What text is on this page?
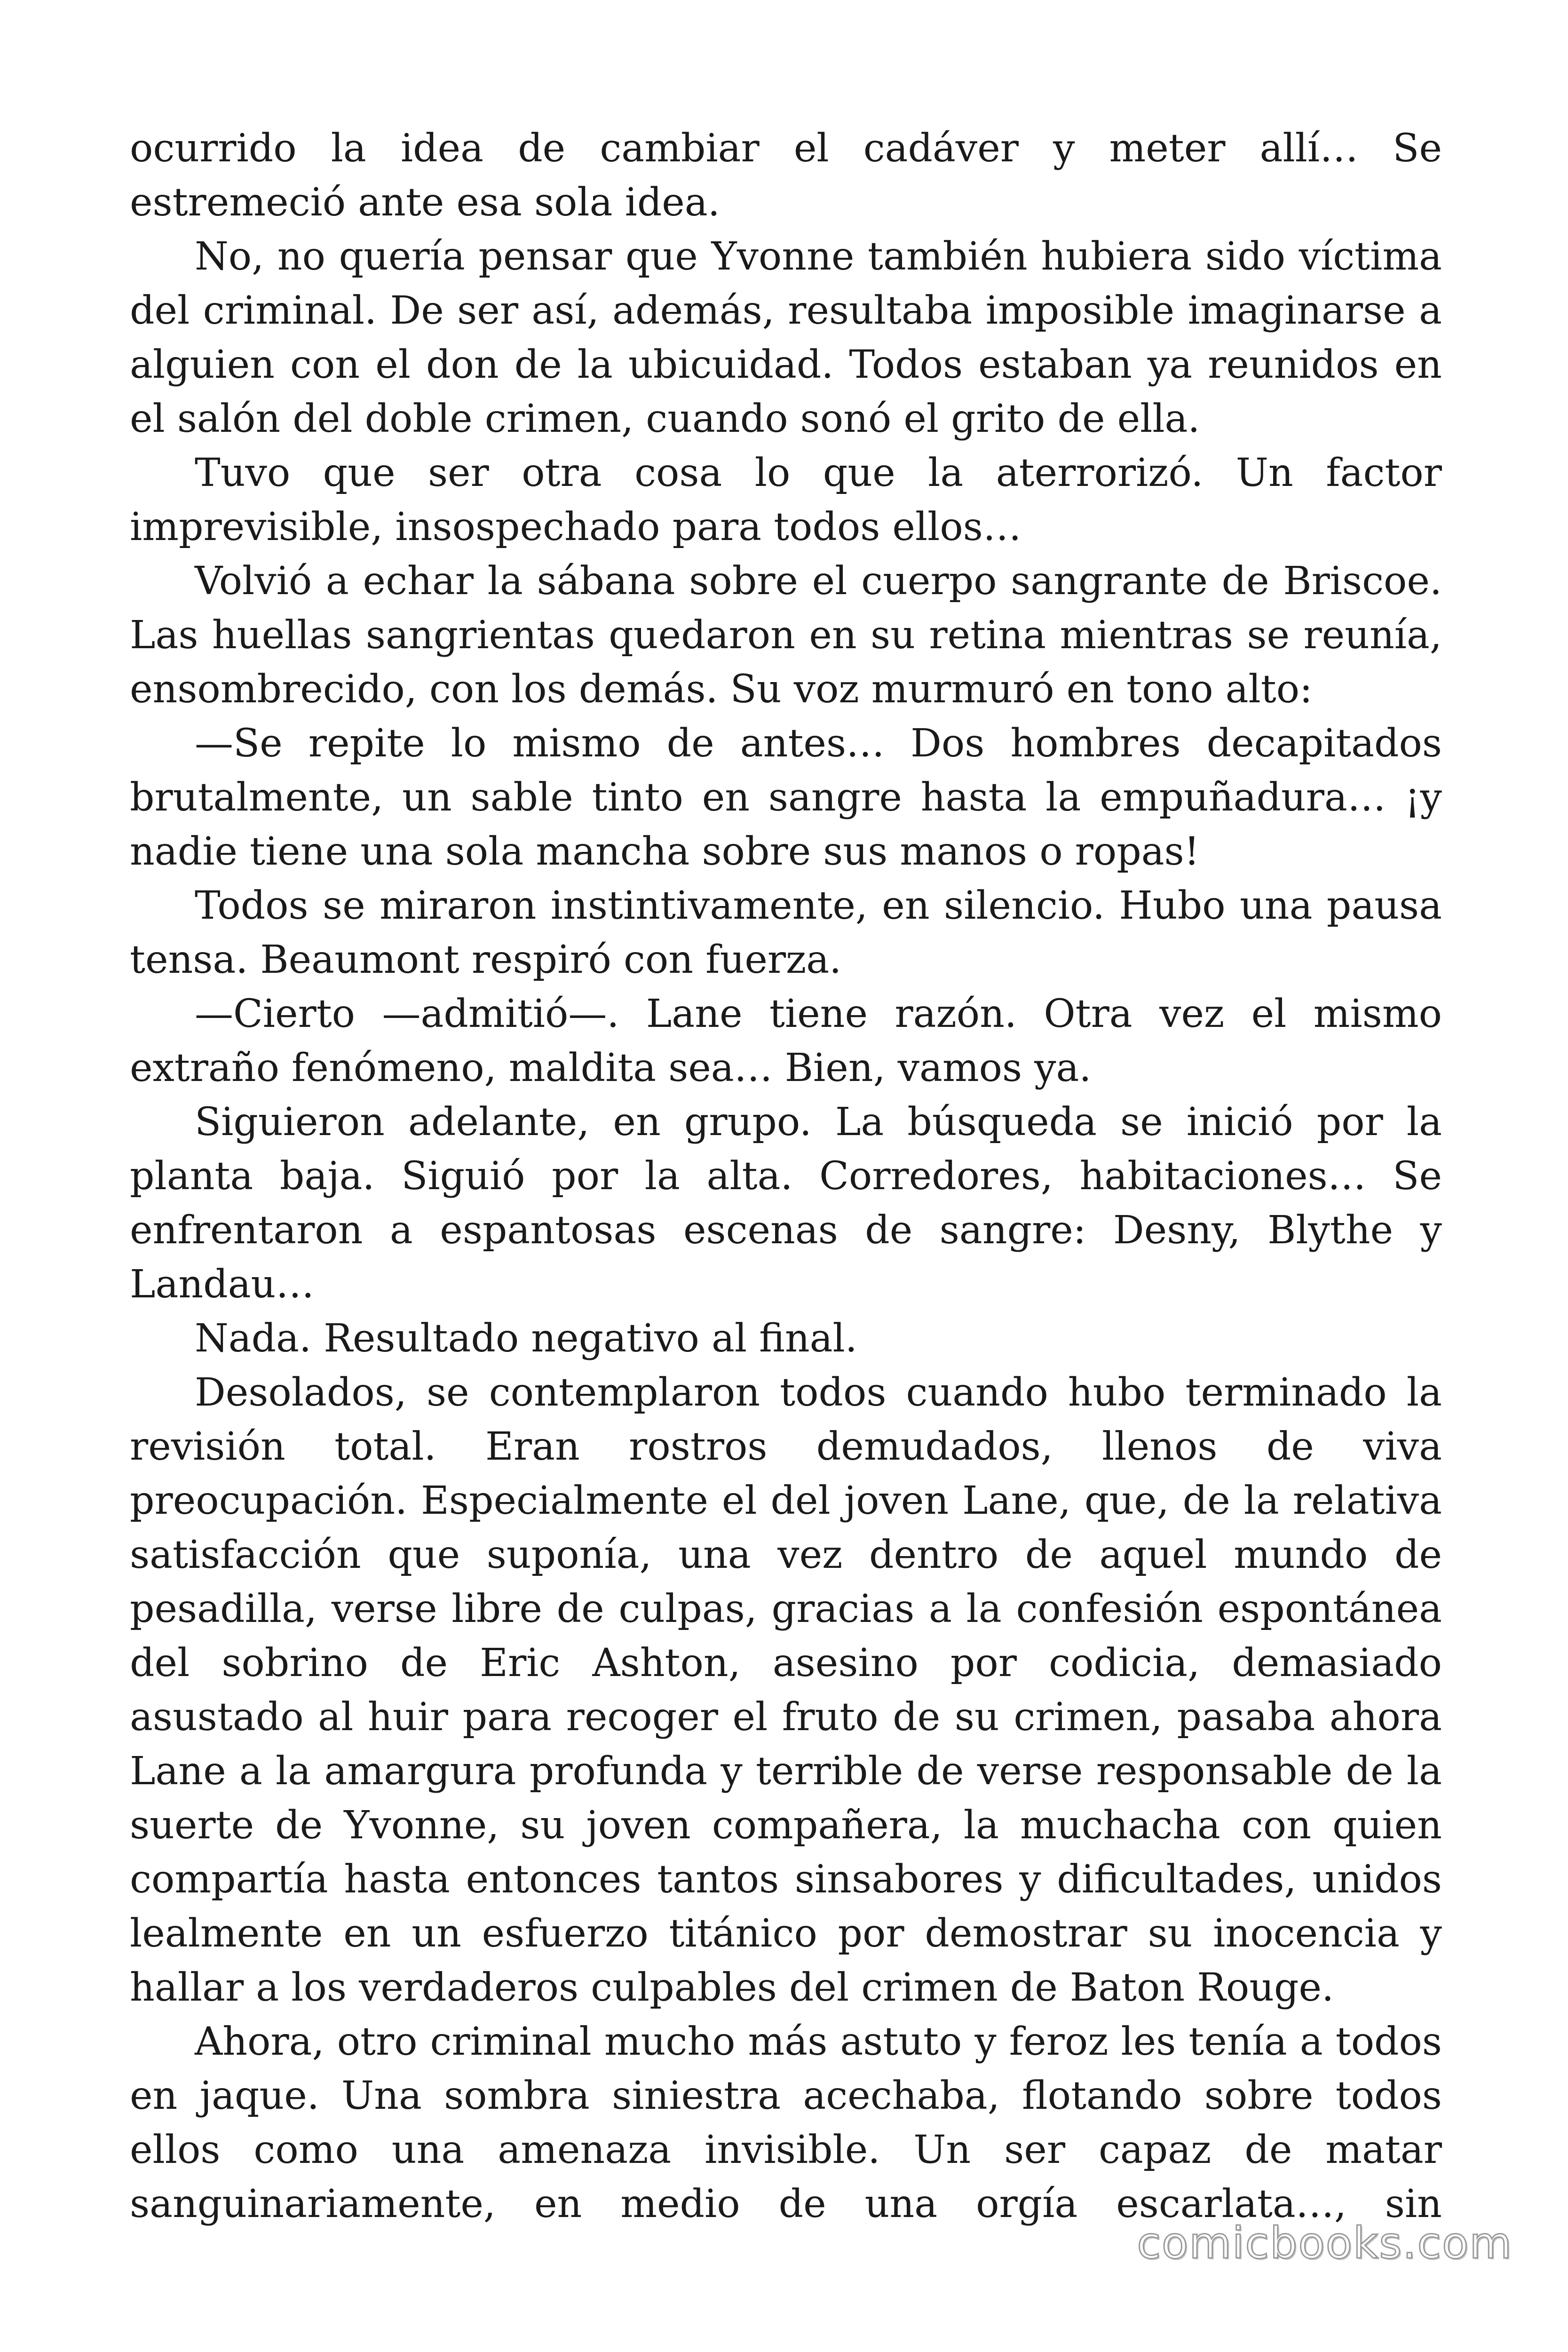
ocurrido la idea de cambiar el cadáver y meter allí… Se estremeció ante esa sola idea.

No, no quería pensar que Yvonne también hubiera sido víctima del criminal. De ser así, además, resultaba imposible imaginarse a alguien con el don de la ubicuidad. Todos estaban ya reunidos en el salón del doble crimen, cuando sonó el grito de ella.

Tuvo que ser otra cosa lo que la aterrorizó. Un factor imprevisible, insospechado para todos ellos…

Volvió a echar la sábana sobre el cuerpo sangrante de Briscoe. Las huellas sangrientas quedaron en su retina mientras se reunía, ensombrecido, con los demás. Su voz murmuró en tono alto:

—Se repite lo mismo de antes… Dos hombres decapitados brutalmente, un sable tinto en sangre hasta la empuñadura… ¡y nadie tiene una sola mancha sobre sus manos o ropas!

Todos se miraron instintivamente, en silencio. Hubo una pausa tensa. Beaumont respiró con fuerza.

—Cierto —admitió—. Lane tiene razón. Otra vez el mismo extraño fenómeno, maldita sea… Bien, vamos ya.

Siguieron adelante, en grupo. La búsqueda se inició por la planta baja. Siguió por la alta. Corredores, habitaciones… Se enfrentaron a espantosas escenas de sangre: Desny, Blythe y Landau…

Nada. Resultado negativo al final.

Desolados, se contemplaron todos cuando hubo terminado la revisión total. Eran rostros demudados, llenos de viva preocupación. Especialmente el del joven Lane, que, de la relativa satisfacción que suponía, una vez dentro de aquel mundo de pesadilla, verse libre de culpas, gracias a la confesión espontánea del sobrino de Eric Ashton, asesino por codicia, demasiado asustado al huir para recoger el fruto de su crimen, pasaba ahora Lane a la amargura profunda y terrible de verse responsable de la suerte de Yvonne, su joven compañera, la muchacha con quien compartía hasta entonces tantos sinsabores y dificultades, unidos lealmente en un esfuerzo titánico por demostrar su inocencia y hallar a los verdaderos culpables del crimen de Baton Rouge.

Ahora, otro criminal mucho más astuto y feroz les tenía a todos en jaque. Una sombra siniestra acechaba, flotando sobre todos ellos como una amenaza invisible. Un ser capaz de matar sanguinariamente, en medio de una orgía escarlata…, sin

comicbooks.com
